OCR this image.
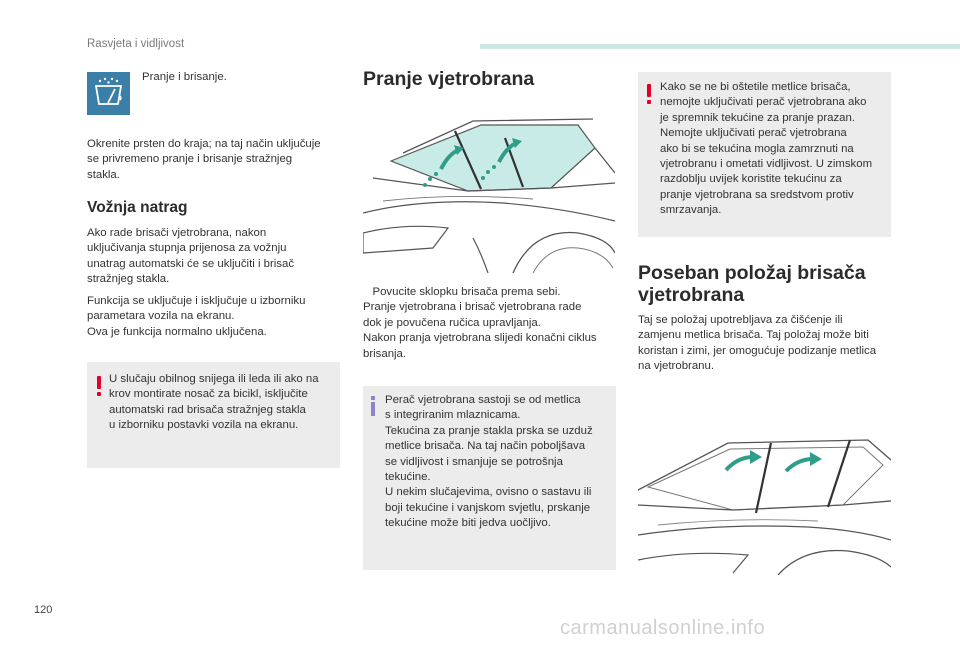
Rasvjeta i vidljivost
Pranje i brisanje.
Okrenite prsten do kraja; na taj način uključuje
se privremeno pranje i brisanje stražnjeg
stakla.
Vožnja natrag
Ako rade brisači vjetrobrana, nakon
uključivanja stupnja prijenosa za vožnju
unatrag automatski će se uključiti i brisač
stražnjeg stakla.
Funkcija se uključuje i isključuje u izborniku
parametara vozila na ekranu.
Ova je funkcija normalno uključena.
U slučaju obilnog snijega ili leda ili ako na
krov montirate nosač za bicikl, isključite
automatski rad brisača stražnjeg stakla
u izborniku postavki vozila na ekranu.
Pranje vjetrobrana
Povucite sklopku brisača prema sebi.
Pranje vjetrobrana i brisač vjetrobrana rade
dok je povučena ručica upravljanja.
Nakon pranja vjetrobrana slijedi konačni ciklus
brisanja.
Perač vjetrobrana sastoji se od metlica
s integriranim mlaznicama.
Tekućina za pranje stakla prska se uzduž
metlice brisača. Na taj način poboljšava
se vidljivost i smanjuje se potrošnja
tekućine.
U nekim slučajevima, ovisno o sastavu ili
boji tekućine i vanjskom svjetlu, prskanje
tekućine može biti jedva uočljivo.
Kako se ne bi oštetile metlice brisača,
nemojte uključivati perač vjetrobrana ako
je spremnik tekućine za pranje prazan.
Nemojte uključivati perač vjetrobrana
ako bi se tekućina mogla zamrznuti na
vjetrobranu i ometati vidljivost. U zimskom
razdoblju uvijek koristite tekućinu za
pranje vjetrobrana sa sredstvom protiv
smrzavanja.
Poseban položaj brisača
vjetrobrana
Taj se položaj upotrebljava za čišćenje ili
zamjenu metlica brisača. Taj položaj može biti
koristan i zimi, jer omogućuje podizanje metlica
na vjetrobranu.
120
carmanualsonline.info
